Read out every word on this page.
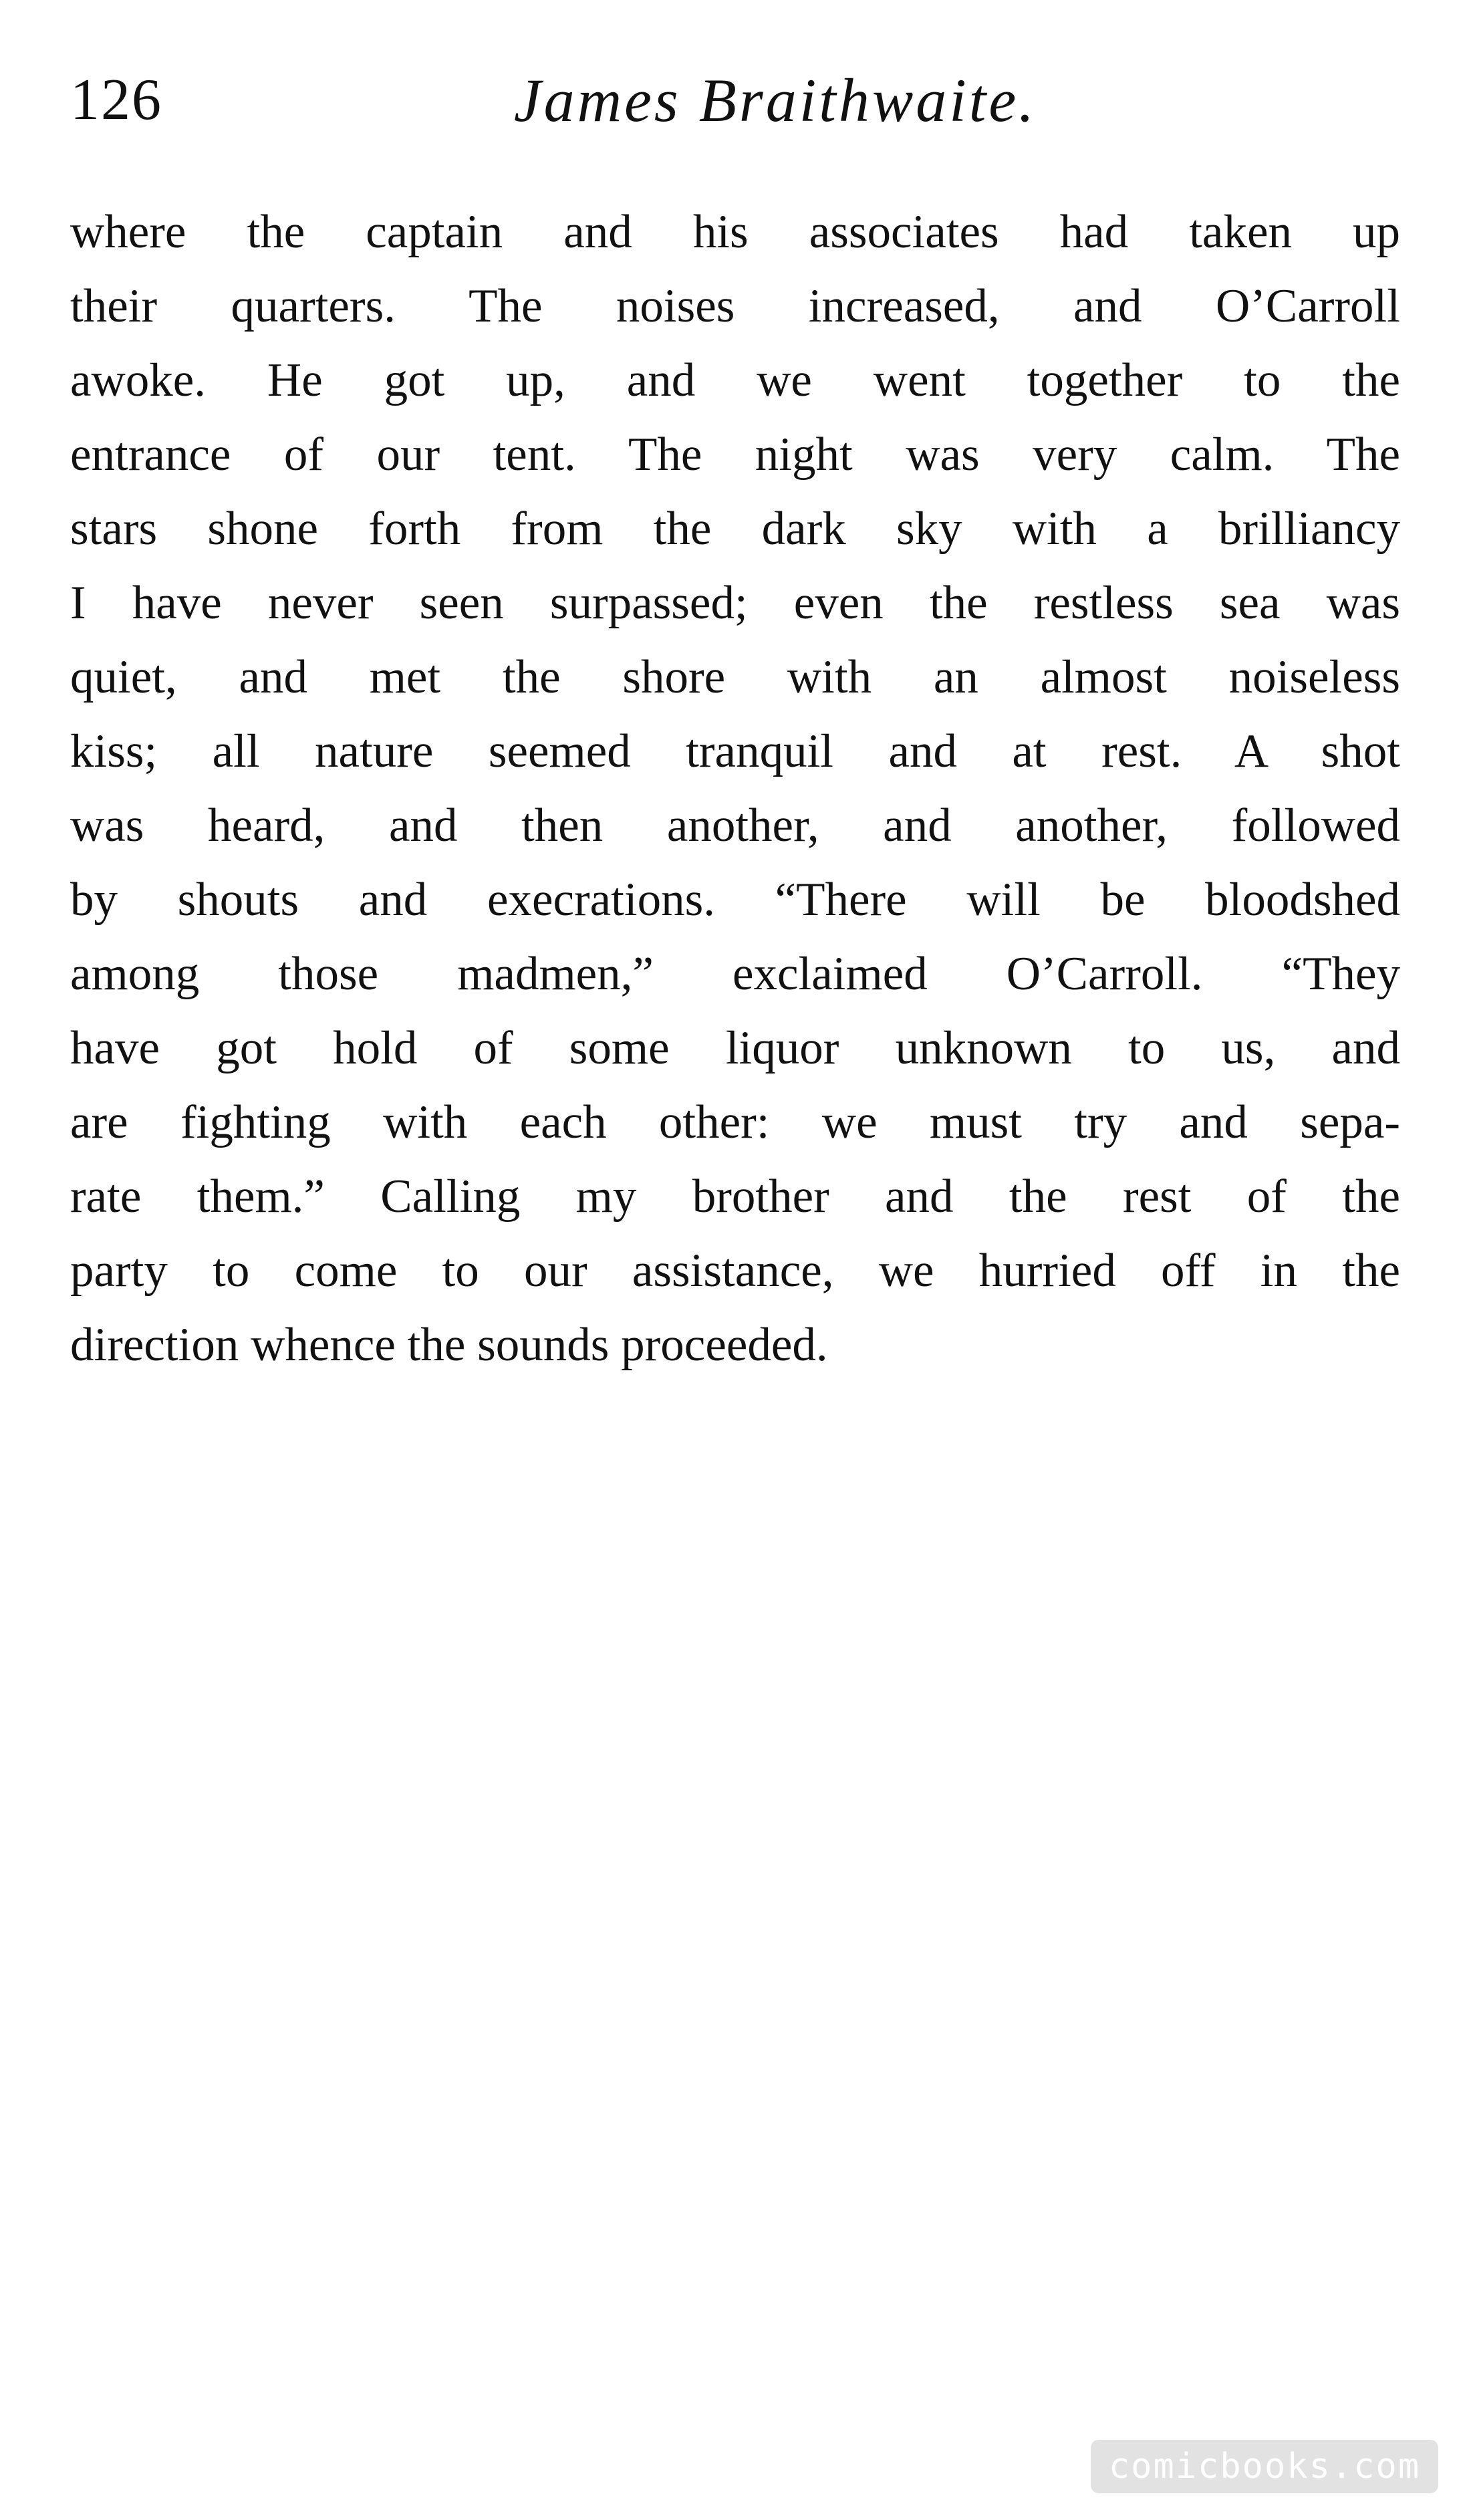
126	James Braithwaite.
where the captain and his associates had taken up
their quarters. The noises increased, and O’Carroll
awoke. He got up, and we went together to the
entrance of our tent. The night was very calm. The
stars shone forth from the dark sky with a brilliancy
I have never seen surpassed; even the restless sea was
quiet, and met the shore with an almost noiseless
kiss; all nature seemed tranquil and at rest. A shot
was heard, and then another, and another, followed
by shouts and execrations. “There will be bloodshed
among those madmen,” exclaimed O’Carroll. “They
have got hold of some liquor unknown to us, and
are fighting with each other: we must try and sepa-
rate them.” Calling my brother and the rest of the
party to come to our assistance, we hurried off in the
direction whence the sounds proceeded.
comicbooks.com
